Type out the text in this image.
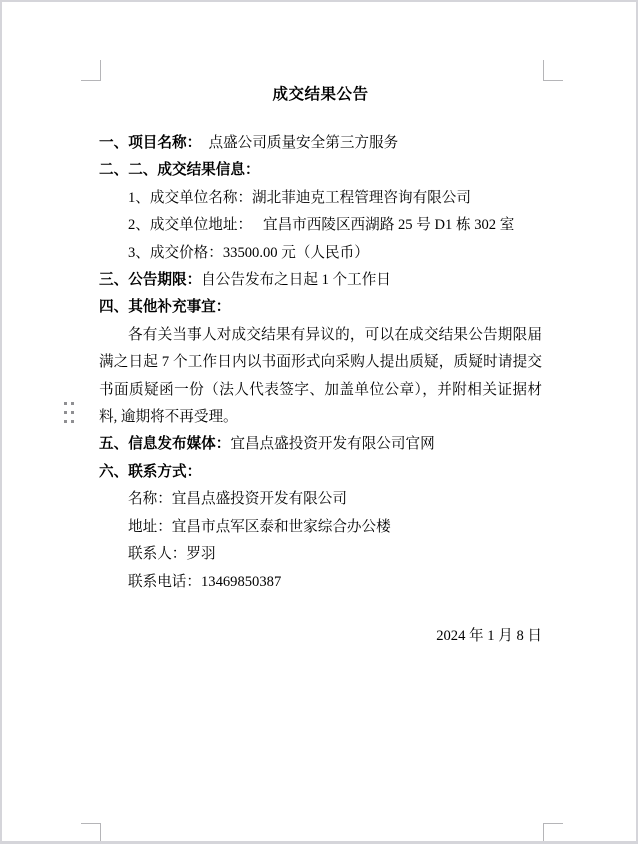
成交结果公告
一、项目名称：  点盛公司质量安全第三方服务
二、二、成交结果信息：
1、成交单位名称：湖北菲迪克工程管理咨询有限公司
2、成交单位地址：   宜昌市西陵区西湖路 25 号 D1 栋 302 室
3、成交价格：33500.00 元（人民币）
三、公告期限：自公告发布之日起 1 个工作日
四、其他补充事宜：
各有关当事人对成交结果有异议的，可以在成交结果公告期限届
满之日起 7 个工作日内以书面形式向采购人提出质疑，质疑时请提交
书面质疑函一份（法人代表签字、加盖单位公章），并附相关证据材
料, 逾期将不再受理。
五、信息发布媒体：宜昌点盛投资开发有限公司官网
六、联系方式：
名称：宜昌点盛投资开发有限公司
地址：宜昌市点军区泰和世家综合办公楼
联系人：罗羽
联系电话：13469850387
2024 年 1 月 8 日
